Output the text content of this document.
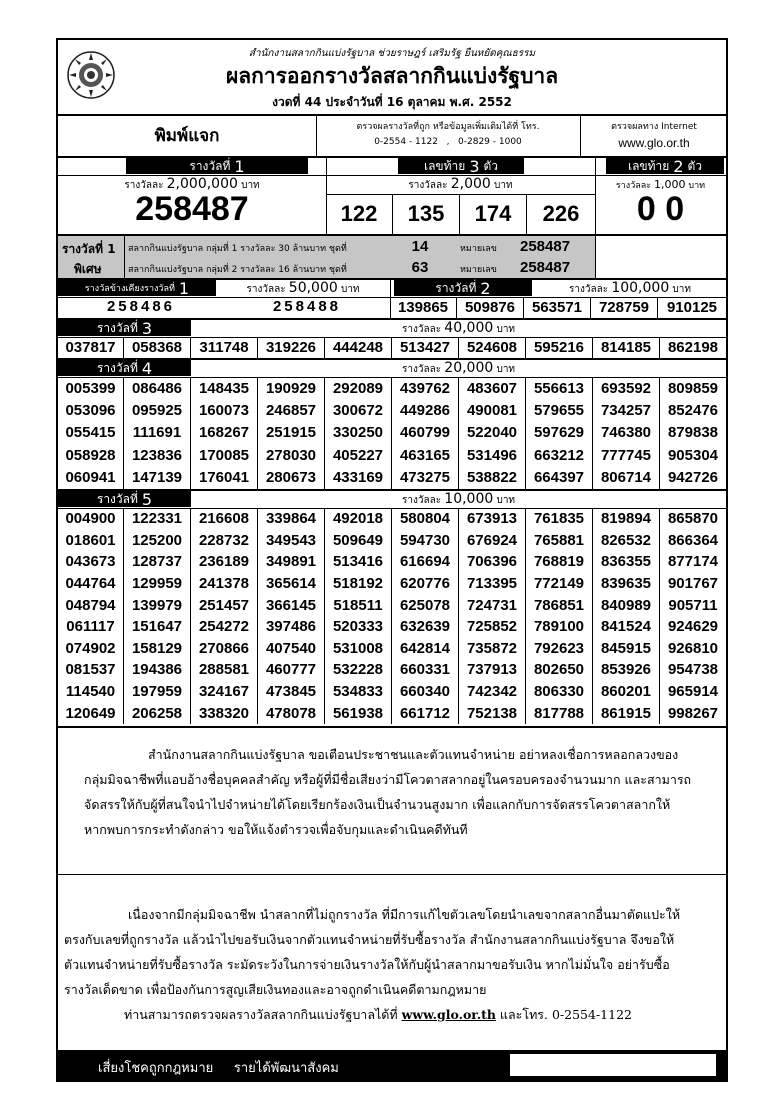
สำนักงานสลากกินแบ่งรัฐบาล ช่วยราษฎร์ เสริมรัฐ ยืนหยัดคุณธรรม
ผลการออกรางวัลสลากกินแบ่งรัฐบาล
งวดที่ 44 ประจำวันที่ 16 ตุลาคม พ.ศ. 2552
พิมพ์แจก	ตรวจผลรางวัลที่ถูก หรือข้อมูลเพิ่มเติมได้ที่ โทร.
0-2554 - 1122 , 0-2829 - 1000
ตรวจผลทาง Internet
www.glo.or.th
รางวัลที่ 1	เลขท้าย 3 ตัว	เลขท้าย 2 ตัว
รางวัลละ 2,000,000 บาท	รางวัลละ 2,000 บาท	รางวัลละ 1,000 บาท
258487	122	135	174	226	0 0
รางวัลที่ 1
พิเศษ
สลากกินแบ่งรัฐบาล กลุ่มที่ 1 รางวัลละ 30 ล้านบาท ชุดที่	14	หมายเลข 258487
สลากกินแบ่งรัฐบาล กลุ่มที่ 2 รางวัลละ 16 ล้านบาท ชุดที่	63	หมายเลข 258487
รางวัลข้างเคียงรางวัลที่ 1	รางวัลละ 50,000 บาท	รางวัลที่ 2	รางวัลละ 100,000 บาท
258486	258488	139865	509876	563571	728759	910125
รางวัลที่ 3	รางวัลละ 40,000 บาท
037817	058368	311748	319226	444248	513427	524608	595216	814185	862198
รางวัลที่ 4	รางวัลละ 20,000 บาท
005399	086486	148435	190929	292089	439762	483607	556613	693592	809859
053096	095925	160073	246857	300672	449286	490081	579655	734257	852476
055415	111691	168267	251915	330250	460799	522040	597629	746380	879838
058928	123836	170085	278030	405227	463165	531496	663212	777745	905304
060941	147139	176041	280673	433169	473275	538822	664397	806714	942726
รางวัลที่ 5	รางวัลละ 10,000 บาท
004900	122331	216608	339864	492018	580804	673913	761835	819894	865870
018601	125200	228732	349543	509649	594730	676924	765881	826532	866364
043673	128737	236189	349891	513416	616694	706396	768819	836355	877174
044764	129959	241378	365614	518192	620776	713395	772149	839635	901767
048794	139979	251457	366145	518511	625078	724731	786851	840989	905711
061117	151647	254272	397486	520333	632639	725852	789100	841524	924629
074902	158129	270866	407540	531008	642814	735872	792623	845915	926810
081537	194386	288581	460777	532228	660331	737913	802650	853926	954738
114540	197959	324167	473845	534833	660340	742342	806330	860201	965914
120649	206258	338320	478078	561938	661712	752138	817788	861915	998267
สำนักงานสลากกินแบ่งรัฐบาล ขอเตือนประชาชนและตัวแทนจำหน่าย อย่าหลงเชื่อการหลอกลวงของ
กลุ่มมิจฉาชีพที่แอบอ้างชื่อบุคคลสำคัญ หรือผู้ที่มีชื่อเสียงว่ามีโควตาสลากอยู่ในครอบครองจำนวนมาก และสามารถ
จัดสรรให้กับผู้ที่สนใจนำไปจำหน่ายได้โดยเรียกร้องเงินเป็นจำนวนสูงมาก เพื่อแลกกับการจัดสรรโควตาสลากให้
หากพบการกระทำดังกล่าว ขอให้แจ้งตำรวจเพื่อจับกุมและดำเนินคดีทันที
เนื่องจากมีกลุ่มมิจฉาชีพ นำสลากที่ไม่ถูกรางวัล ที่มีการแก้ไขตัวเลขโดยนำเลขจากสลากอื่นมาตัดแปะให้
ตรงกับเลขที่ถูกรางวัล แล้วนำไปขอรับเงินจากตัวแทนจำหน่ายที่รับซื้อรางวัล สำนักงานสลากกินแบ่งรัฐบาล จึงขอให้
ตัวแทนจำหน่ายที่รับซื้อรางวัล ระมัดระวังในการจ่ายเงินรางวัลให้กับผู้นำสลากมาขอรับเงิน หากไม่มั่นใจ อย่ารับซื้อ
รางวัลเด็ดขาด เพื่อป้องกันการสูญเสียเงินทองและอาจถูกดำเนินคดีตามกฎหมาย
ท่านสามารถตรวจผลรางวัลสลากกินแบ่งรัฐบาลได้ที่ www.glo.or.th และโทร. 0-2554-1122
เสี่ยงโชคถูกกฎหมาย     รายได้พัฒนาสังคม
